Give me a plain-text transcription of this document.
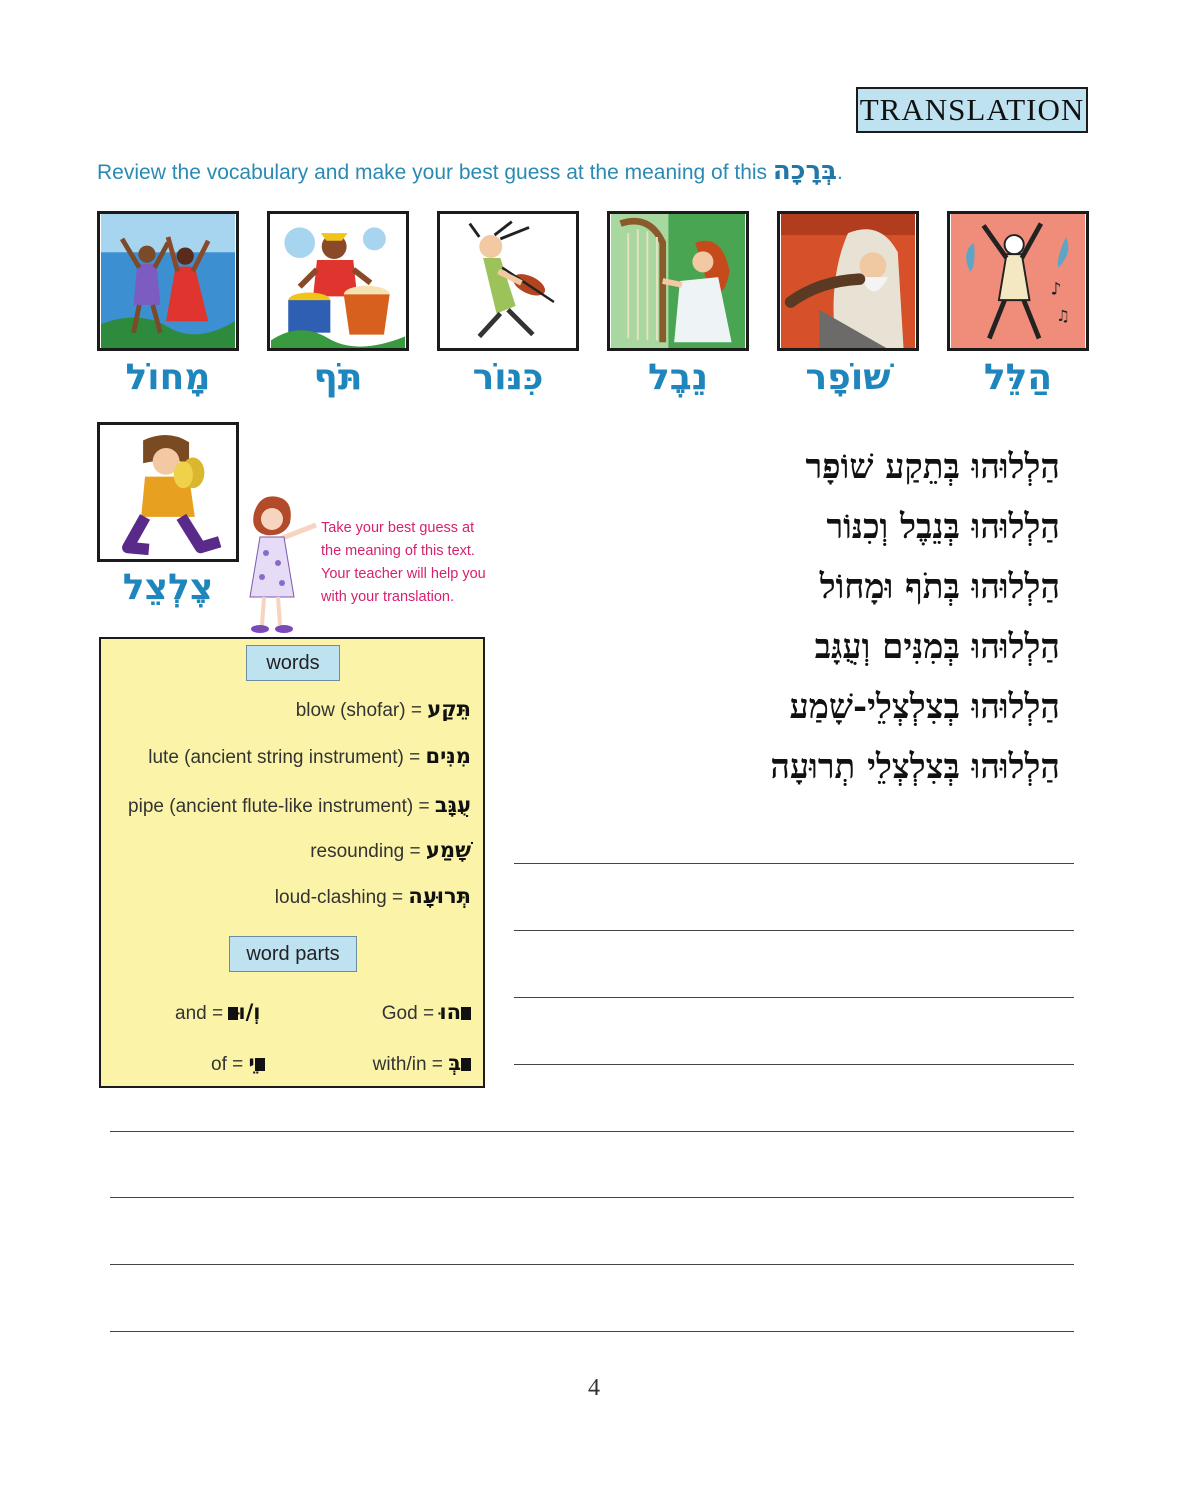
TRANSLATION
Review the vocabulary and make your best guess at the meaning of this בְּרָכָה.
♪
♫
מָחוֹל	תֹּף	כִּנּוֹר	נֵבֶל	שׁוֹפָר	הַלֵּל
צֶלְצֵל
Take your best guess at
the meaning of this text.
Your teacher will help you
with your translation.
הַלְלוּהוּ בְּתֵקַע שׁוֹפָר
הַלְלוּהוּ בְּנֵבֶל וְכִנּוֹר
הַלְלוּהוּ בְּתֹף וּמָחוֹל
הַלְלוּהוּ בְּמִנִּים וְעֻגָּב
הַלְלוּהוּ בְצִלְצְלֵי-שָׁמַע
הַלְלוּהוּ בְּצִלְצְלֵי תְרוּעָה
words
blow (shofar) = תֵּקַע
lute (ancient string instrument) = מִנִּים
pipe (ancient flute-like instrument) = עֻגָּב
resounding = שָׁמַע
loud-clashing = תְּרוּעָה
word parts
and = וְ/וּ	God = הוּ
of = ֵי	with/in = בְּ
4
